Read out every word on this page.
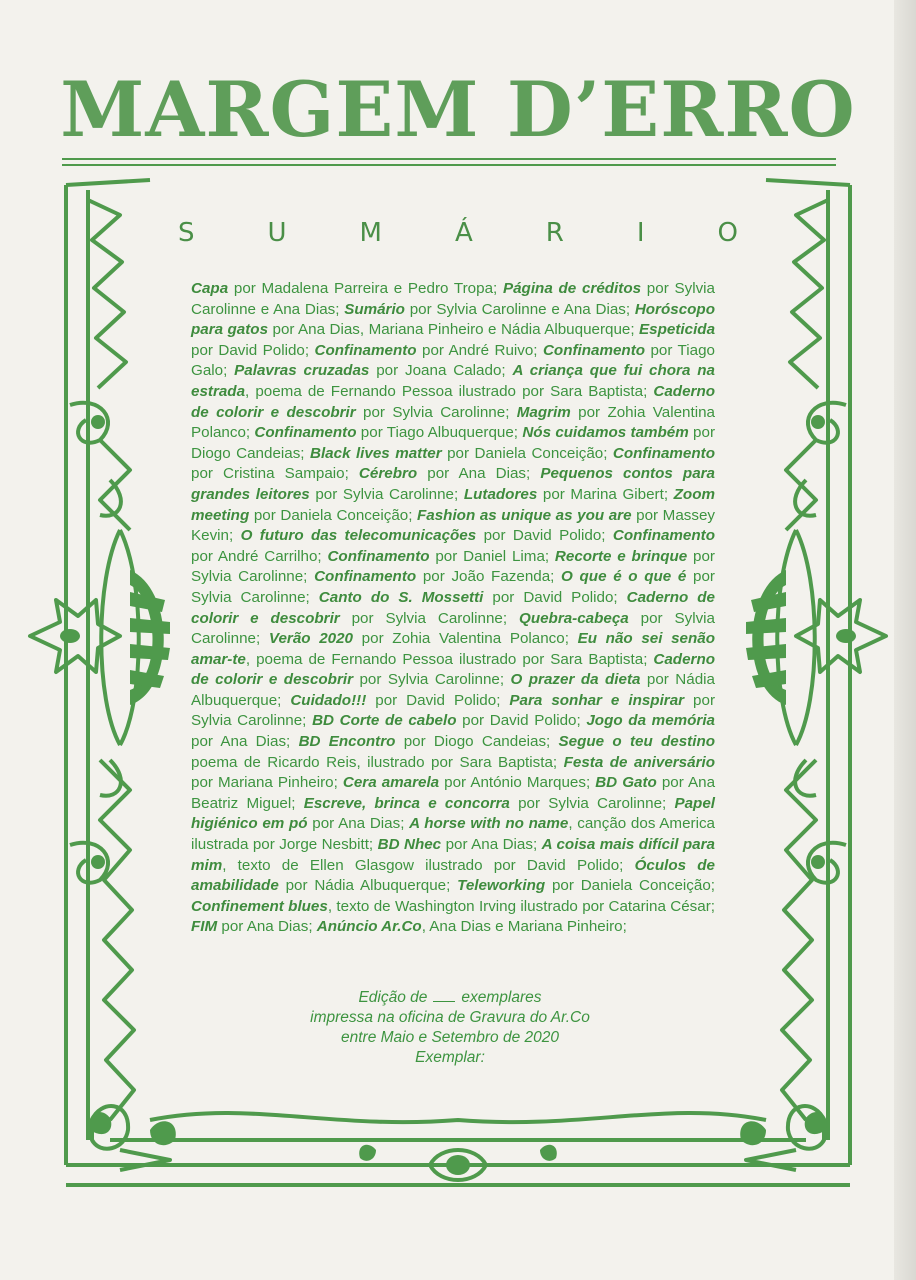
MARGEM D’ERRO
S	U	M	Á	R	I	O
Capa por Madalena Parreira e Pedro Tropa; Página de créditos por Sylvia Carolinne e Ana Dias; Sumário por Sylvia Carolinne e Ana Dias; Horóscopo para gatos por Ana Dias, Mariana Pinheiro e Nádia Albuquerque; Espeticida por David Polido; Confinamento por André Ruivo; Confinamento por Tiago Galo; Palavras cruzadas por Joana Calado; A criança que fui chora na estrada, poema de Fernando Pessoa ilustrado por Sara Baptista; Caderno de colorir e descobrir por Sylvia Carolinne; Magrim por Zohia Valentina Polanco; Confinamento por Tiago Albuquerque; Nós cuidamos também por Diogo Candeias; Black lives matter por Daniela Conceição; Confinamento por Cristina Sampaio; Cérebro por Ana Dias; Pequenos contos para grandes leitores por Sylvia Carolinne; Lutadores por Marina Gibert; Zoom meeting por Daniela Conceição; Fashion as unique as you are por Massey Kevin; O futuro das telecomunicações por David Polido; Confinamento por André Carrilho; Confinamento por Daniel Lima; Recorte e brinque por Sylvia Carolinne; Confinamento por João Fazenda; O que é o que é por Sylvia Carolinne; Canto do S. Mossetti por David Polido; Caderno de colorir e descobrir por Sylvia Carolinne; Quebra-cabeça por Sylvia Carolinne; Verão 2020 por Zohia Valentina Polanco; Eu não sei senão amar-te, poema de Fernando Pessoa ilustrado por Sara Baptista; Caderno de colorir e descobrir por Sylvia Carolinne; O prazer da dieta por Nádia Albuquerque; Cuidado!!! por David Polido; Para sonhar e inspirar por Sylvia Carolinne; BD Corte de cabelo por David Polido; Jogo da memória por Ana Dias; BD Encontro por Diogo Candeias; Segue o teu destino poema de Ricardo Reis, ilustrado por Sara Baptista; Festa de aniversário por Mariana Pinheiro; Cera amarela por António Marques; BD Gato por Ana Beatriz Miguel; Escreve, brinca e concorra por Sylvia Carolinne; Papel higiénico em pó por Ana Dias; A horse with no name, canção dos America ilustrada por Jorge Nesbitt; BD Nhec por Ana Dias; A coisa mais difícil para mim, texto de Ellen Glasgow ilustrado por David Polido; Óculos de amabilidade por Nádia Albuquerque; Teleworking por Daniela Conceição; Confinement blues, texto de Washington Irving ilustrado por Catarina César; FIM por Ana Dias; Anúncio Ar.Co, Ana Dias e Mariana Pinheiro;
Edição de exemplares
impressa na oficina de Gravura do Ar.Co
entre Maio e Setembro de 2020
Exemplar:
